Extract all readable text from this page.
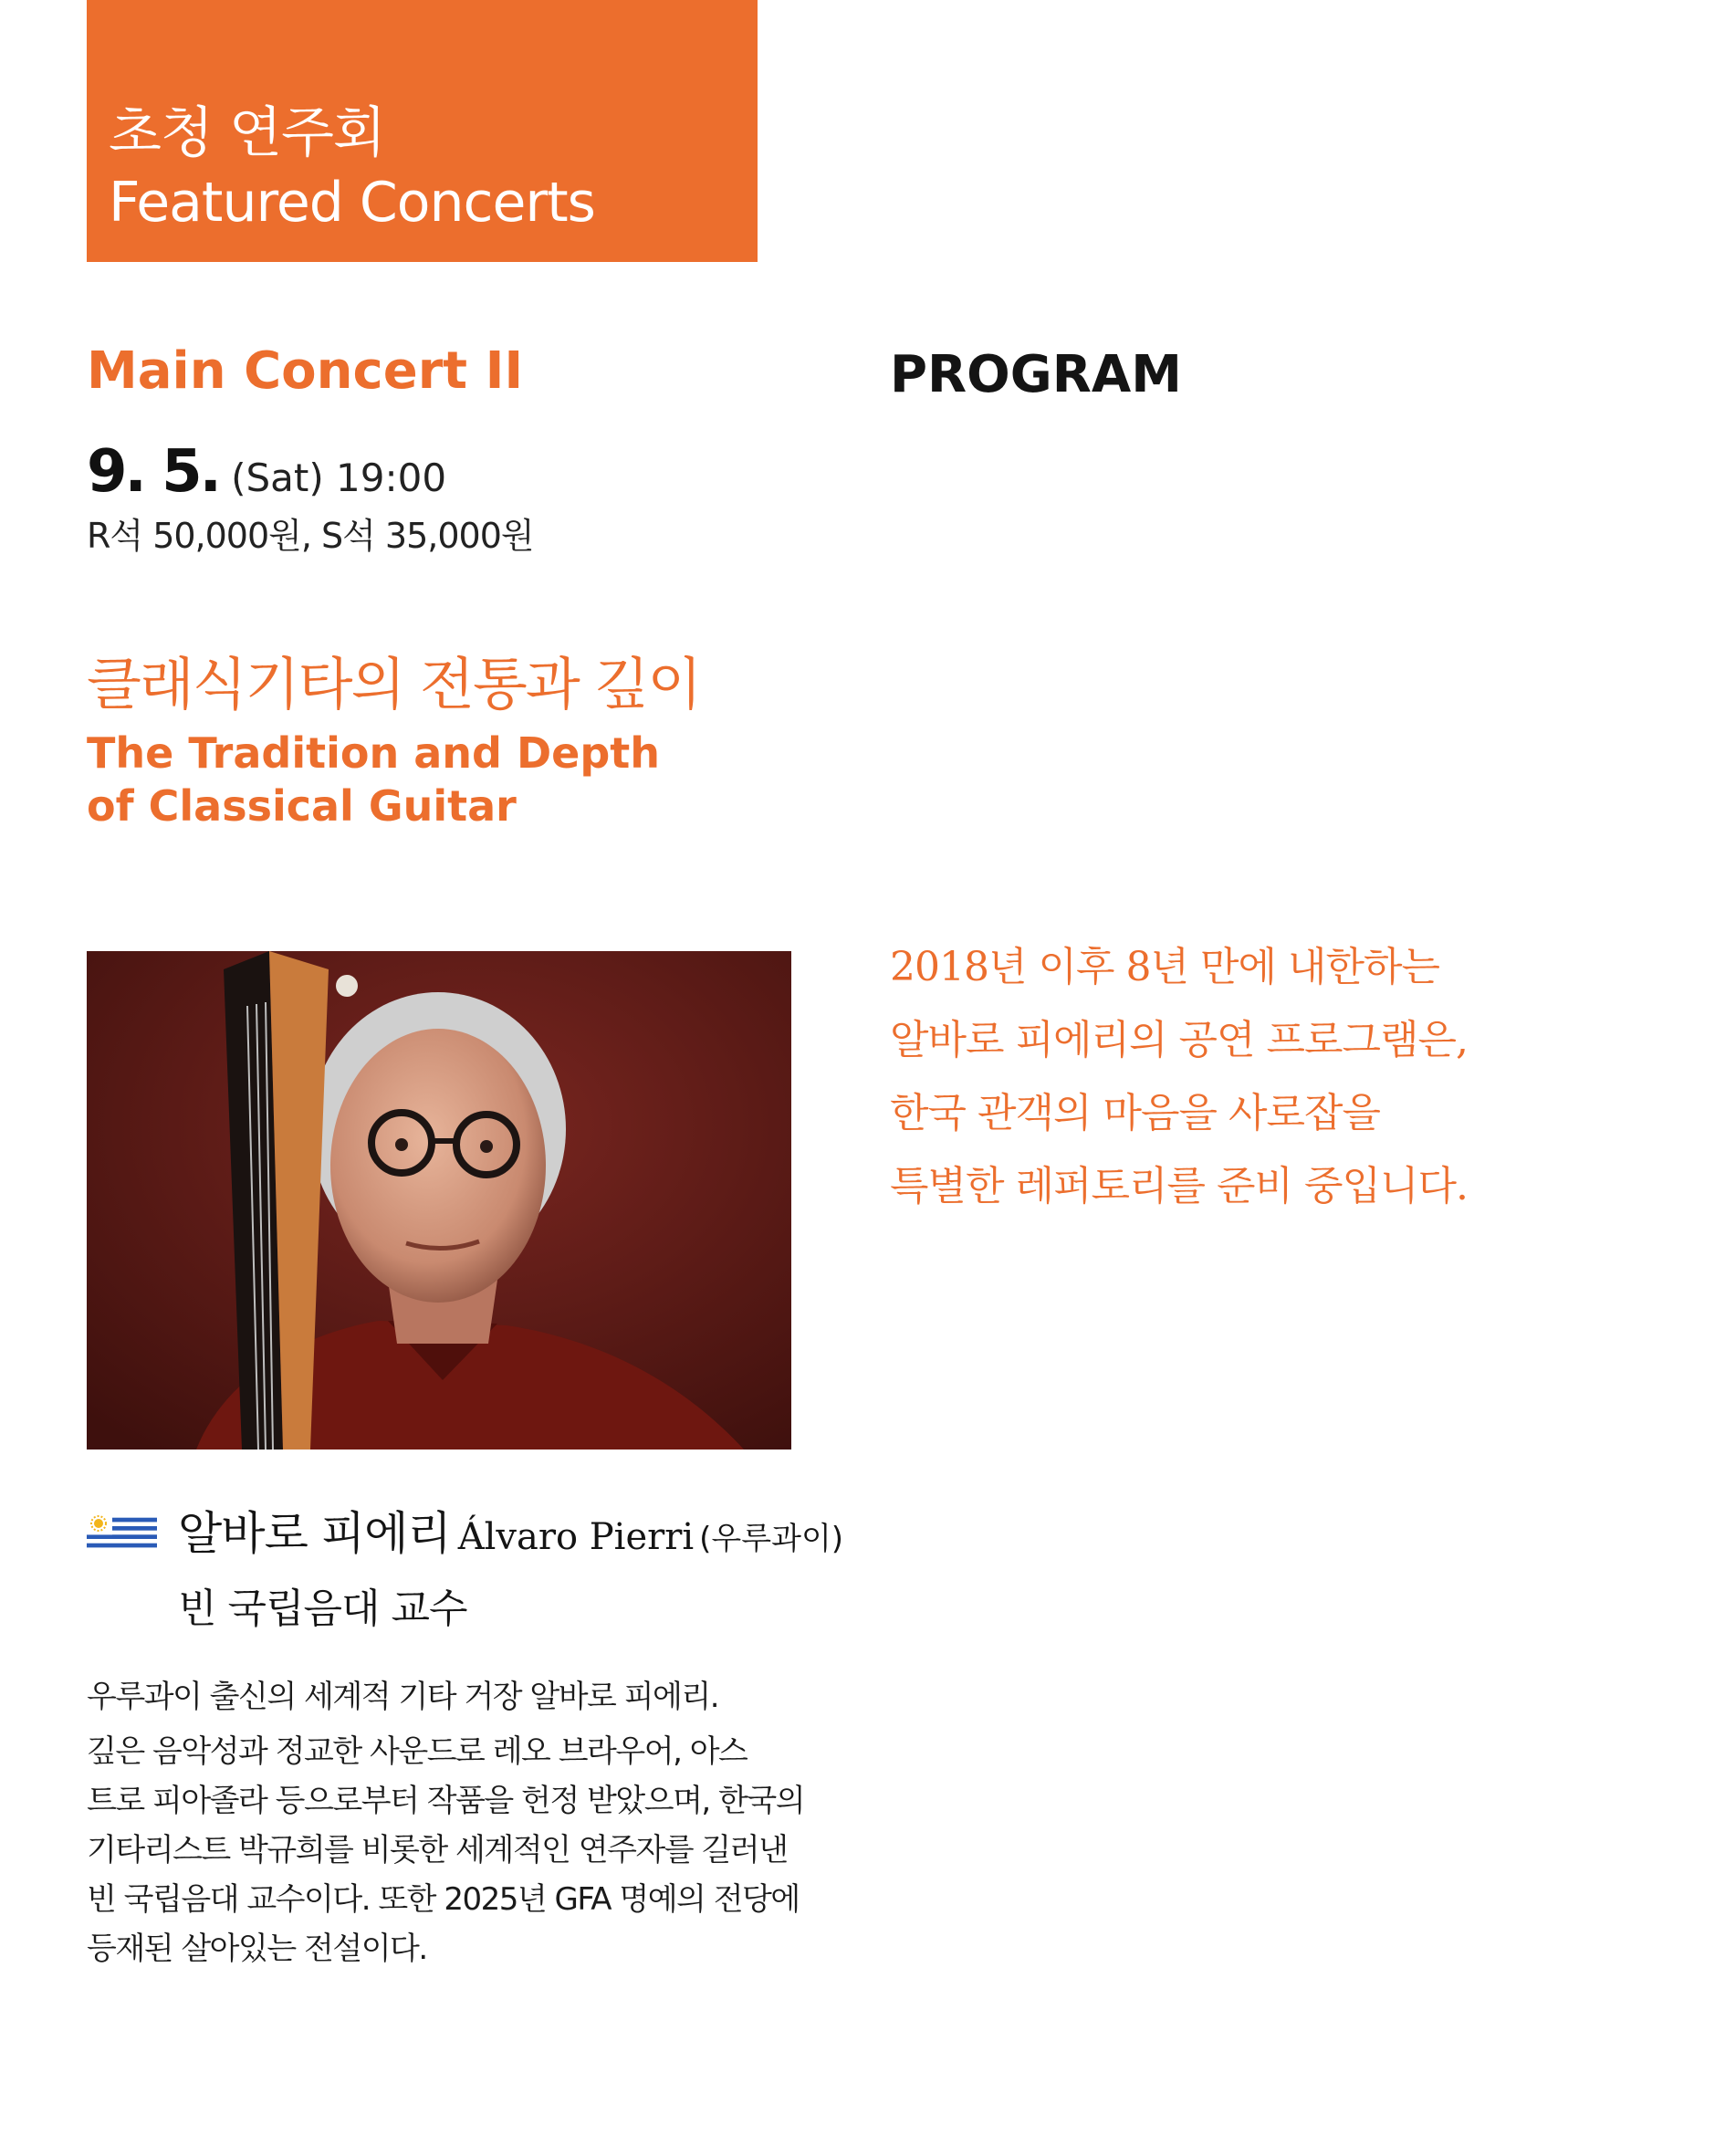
초청 연주회
Featured Concerts
Main Concert II	PROGRAM
9. 5. (Sat) 19:00
R석 50,000원, S석 35,000원
클래식기타의 전통과 깊이
The Tradition and Depth
of Classical Guitar
2018년 이후 8년 만에 내한하는
알바로 피에리의 공연 프로그램은,
한국 관객의 마음을 사로잡을
특별한 레퍼토리를 준비 중입니다.
알바로 피에리 Álvaro Pierri (우루과이)
빈 국립음대 교수
우루과이 출신의 세계적 기타 거장 알바로 피에리.
깊은 음악성과 정교한 사운드로 레오 브라우어, 아스
트로 피아졸라 등으로부터 작품을 헌정 받았으며, 한국의
기타리스트 박규희를 비롯한 세계적인 연주자를 길러낸
빈 국립음대 교수이다. 또한 2025년 GFA 명예의 전당에
등재된 살아있는 전설이다.
